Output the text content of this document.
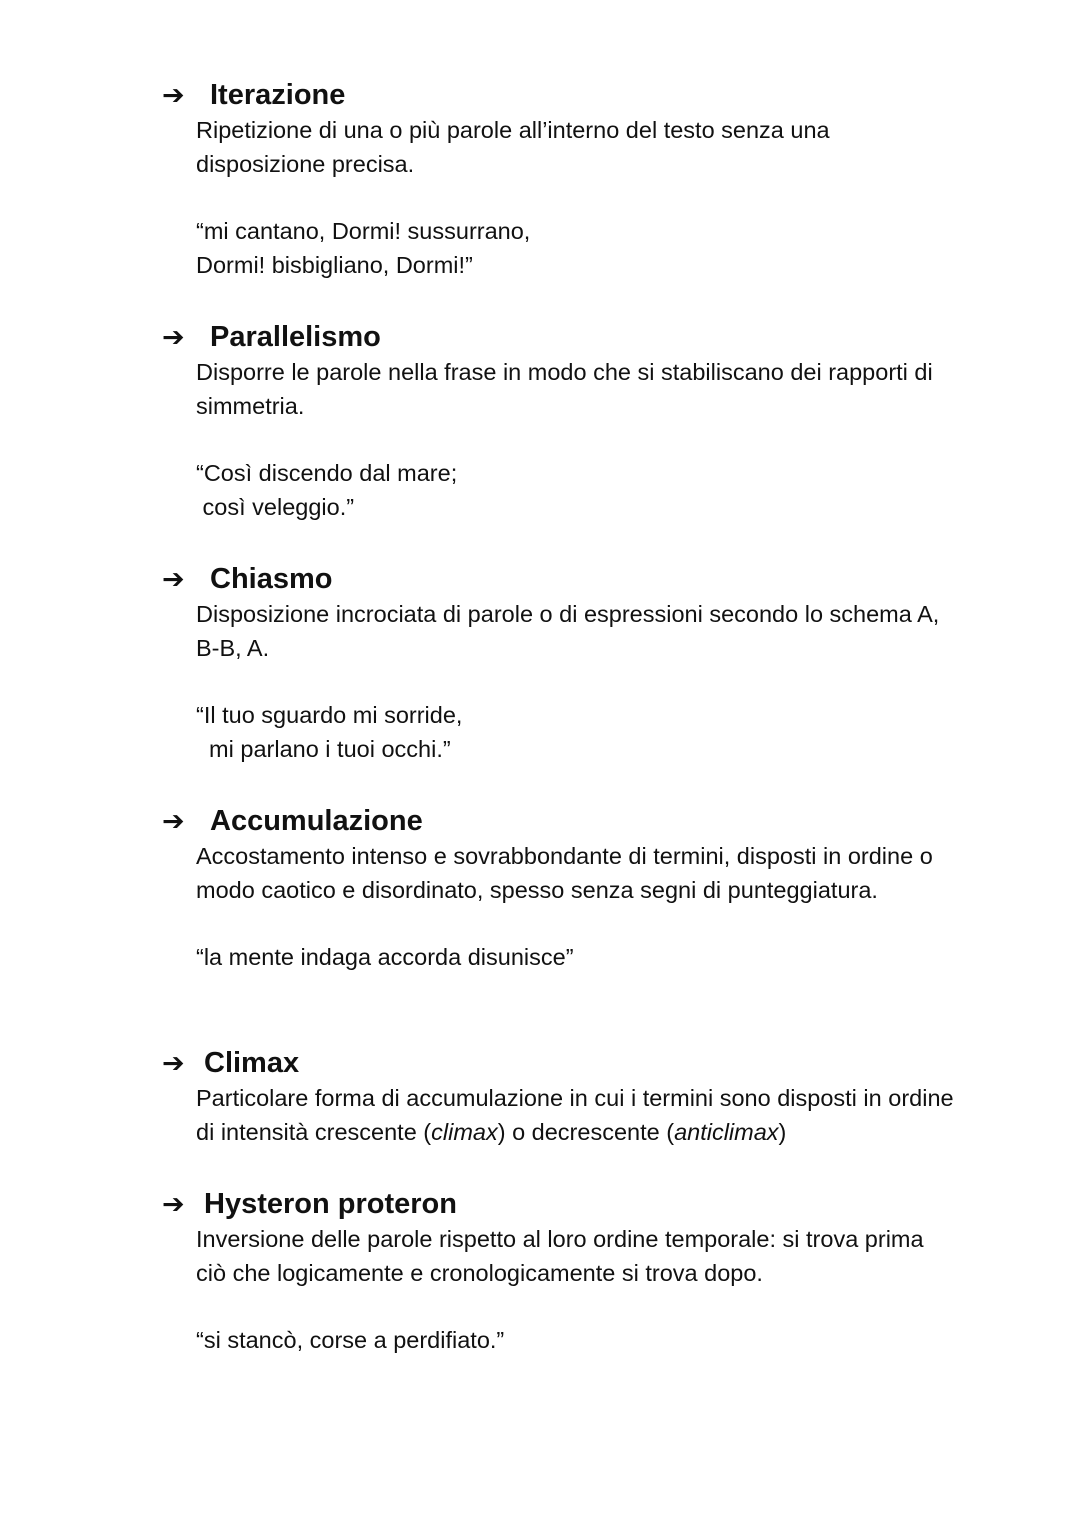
➔ Iterazione
Ripetizione di una o più parole all’interno del testo senza una disposizione precisa.
“mi cantano, Dormi! sussurrano,
Dormi! bisbigliano, Dormi!”
➔ Parallelismo
Disporre le parole nella frase in modo che si stabiliscano dei rapporti di simmetria.
“Così discendo dal mare;
così veleggio.”
➔ Chiasmo
Disposizione incrociata di parole o di espressioni secondo lo schema A, B-B, A.
“Il tuo sguardo mi sorride,
mi parlano i tuoi occhi.”
➔ Accumulazione
Accostamento intenso e sovrabbondante di termini, disposti in ordine o modo caotico e disordinato, spesso senza segni di punteggiatura.
“la mente indaga accorda disunisce”
➔ Climax
Particolare forma di accumulazione in cui i termini sono disposti in ordine di intensità crescente (climax) o decrescente (anticlimax)
➔ Hysteron proteron
Inversione delle parole rispetto al loro ordine temporale: si trova prima ciò che logicamente e cronologicamente si trova dopo.
“si stancò, corse a perdifiato.”
